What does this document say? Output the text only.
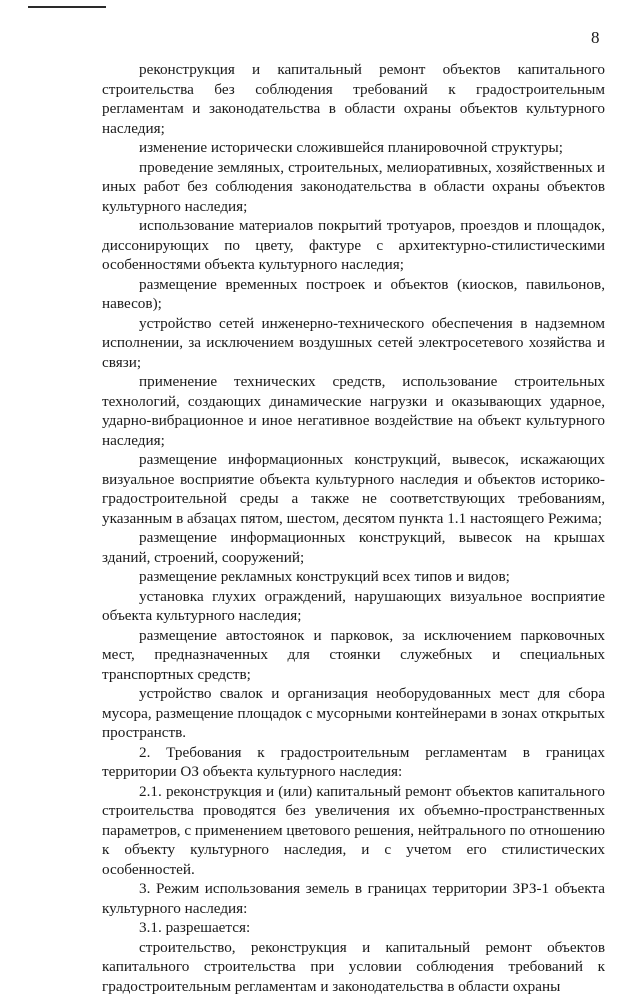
8

реконструкция и капитальный ремонт объектов капитального строительства без соблюдения требований к градостроительным регламентам и законодательства в области охраны объектов культурного наследия;

изменение исторически сложившейся планировочной структуры;

проведение земляных, строительных, мелиоративных, хозяйственных и иных работ без соблюдения законодательства в области охраны объектов культурного наследия;

использование материалов покрытий тротуаров, проездов и площадок, диссонирующих по цвету, фактуре с архитектурно-стилистическими особенностями объекта культурного наследия;

размещение временных построек и объектов (киосков, павильонов, навесов);

устройство сетей инженерно-технического обеспечения в надземном исполнении, за исключением воздушных сетей электросетевого хозяйства и связи;

применение технических средств, использование строительных технологий, создающих динамические нагрузки и оказывающих ударное, ударно-вибрационное и иное негативное воздействие на объект культурного наследия;

размещение информационных конструкций, вывесок, искажающих визуальное восприятие объекта культурного наследия и объектов историко-градостроительной среды а также не соответствующих требованиям, указанным в абзацах пятом, шестом, десятом пункта 1.1 настоящего Режима;

размещение информационных конструкций, вывесок на крышах зданий, строений, сооружений;

размещение рекламных конструкций всех типов и видов;

установка глухих ограждений, нарушающих визуальное восприятие объекта культурного наследия;

размещение автостоянок и парковок, за исключением парковочных мест, предназначенных для стоянки служебных и специальных транспортных средств;

устройство свалок и организация необорудованных мест для сбора мусора, размещение площадок с мусорными контейнерами в зонах открытых пространств.

2. Требования к градостроительным регламентам в границах территории ОЗ объекта культурного наследия:

2.1. реконструкция и (или) капитальный ремонт объектов капитального строительства проводятся без увеличения их объемно-пространственных параметров, с применением цветового решения, нейтрального по отношению к объекту культурного наследия, и с учетом его стилистических особенностей.

3. Режим использования земель в границах территории ЗРЗ-1 объекта культурного наследия:

3.1. разрешается:

строительство, реконструкция и капитальный ремонт объектов капитального строительства при условии соблюдения требований к градостроительным регламентам и законодательства в области охраны
